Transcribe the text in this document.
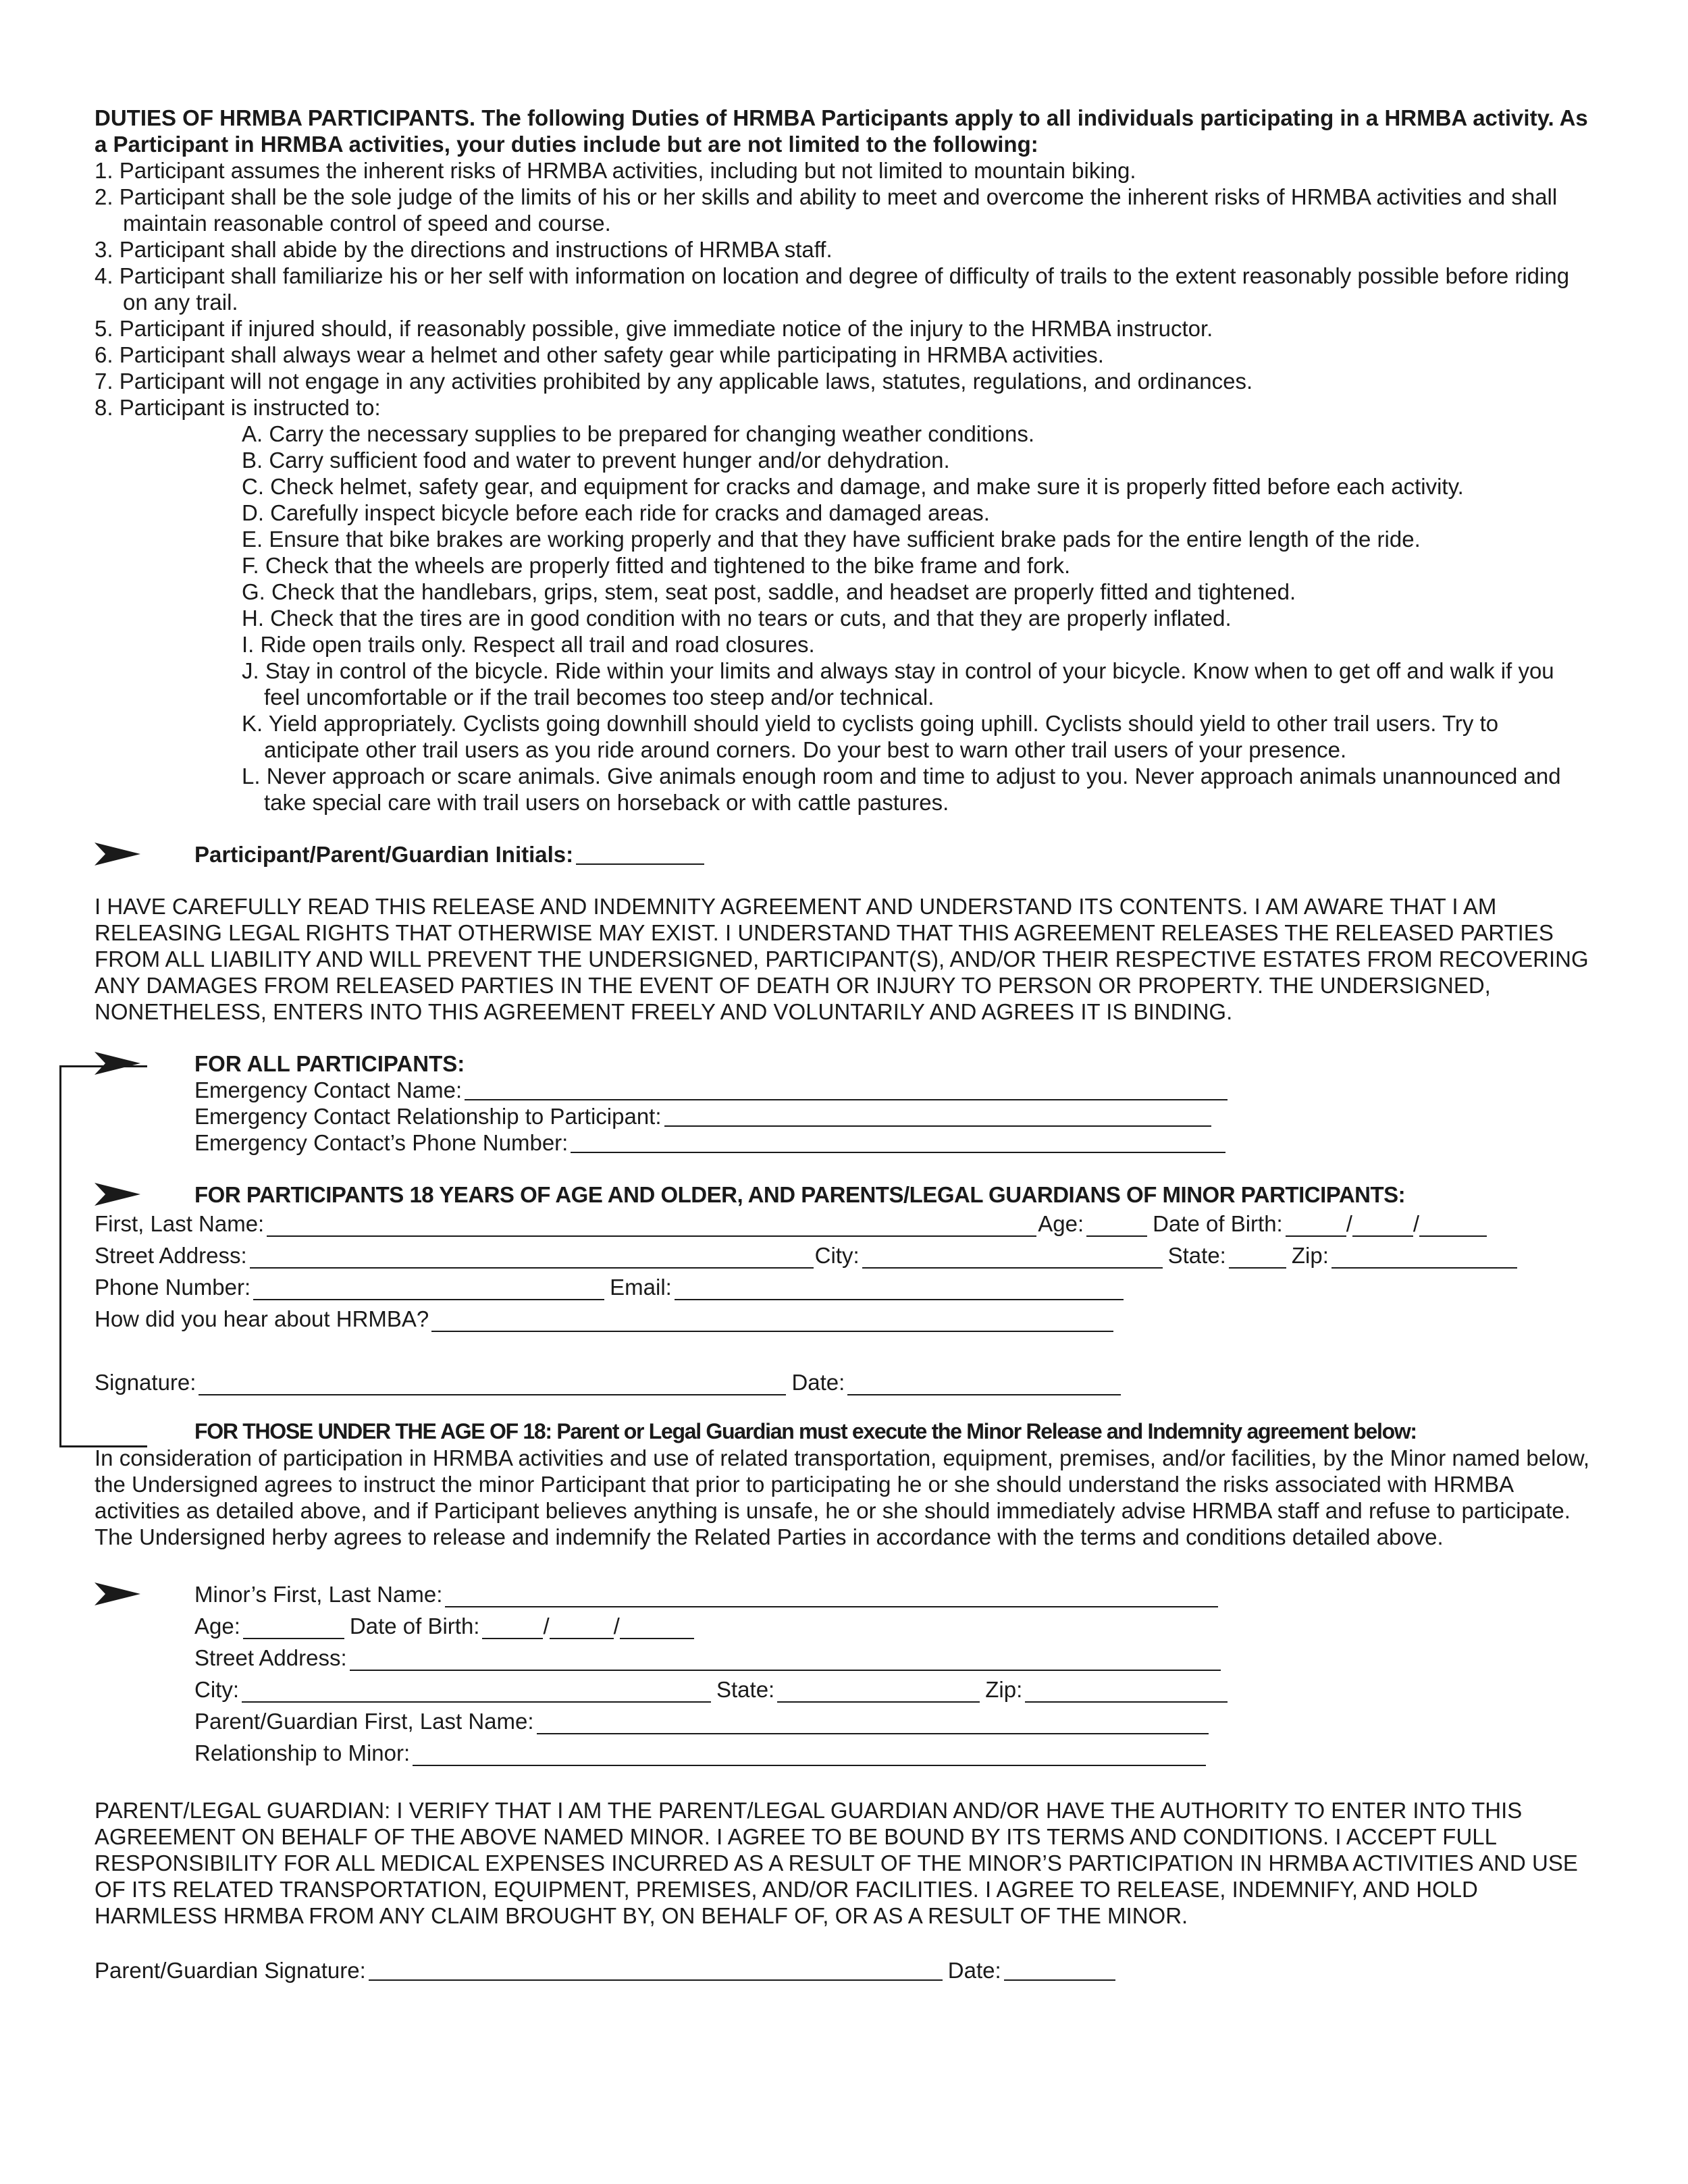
DUTIES OF HRMBA PARTICIPANTS. The following Duties of HRMBA Participants apply to all individuals participating in a HRMBA activity. As a Participant in HRMBA activities, your duties include but are not limited to the following:

1. Participant assumes the inherent risks of HRMBA activities, including but not limited to mountain biking.

2. Participant shall be the sole judge of the limits of his or her skills and ability to meet and overcome the inherent risks of HRMBA activities and shall maintain reasonable control of speed and course.

3. Participant shall abide by the directions and instructions of HRMBA staff.

4. Participant shall familiarize his or her self with information on location and degree of difficulty of trails to the extent reasonably possible before riding on any trail.

5. Participant if injured should, if reasonably possible, give immediate notice of the injury to the HRMBA instructor.

6. Participant shall always wear a helmet and other safety gear while participating in HRMBA activities.

7. Participant will not engage in any activities prohibited by any applicable laws, statutes, regulations, and ordinances.

8. Participant is instructed to:

A. Carry the necessary supplies to be prepared for changing weather conditions.

B. Carry sufficient food and water to prevent hunger and/or dehydration.

C. Check helmet, safety gear, and equipment for cracks and damage, and make sure it is properly fitted before each activity.

D. Carefully inspect bicycle before each ride for cracks and damaged areas.

E. Ensure that bike brakes are working properly and that they have sufficient brake pads for the entire length of the ride.

F. Check that the wheels are properly fitted and tightened to the bike frame and fork.

G. Check that the handlebars, grips, stem, seat post, saddle, and headset are properly fitted and tightened.

H. Check that the tires are in good condition with no tears or cuts, and that they are properly inflated.

I. Ride open trails only. Respect all trail and road closures.

J. Stay in control of the bicycle. Ride within your limits and always stay in control of your bicycle. Know when to get off and walk if you feel uncomfortable or if the trail becomes too steep and/or technical.

K. Yield appropriately. Cyclists going downhill should yield to cyclists going uphill. Cyclists should yield to other trail users. Try to anticipate other trail users as you ride around corners. Do your best to warn other trail users of your presence.

L. Never approach or scare animals. Give animals enough room and time to adjust to you. Never approach animals unannounced and take special care with trail users on horseback or with cattle pastures.

Participant/Parent/Guardian Initials:

I HAVE CAREFULLY READ THIS RELEASE AND INDEMNITY AGREEMENT AND UNDERSTAND ITS CONTENTS. I AM AWARE THAT I AM RELEASING LEGAL RIGHTS THAT OTHERWISE MAY EXIST. I UNDERSTAND THAT THIS AGREEMENT RELEASES THE RELEASED PARTIES FROM ALL LIABILITY AND WILL PREVENT THE UNDERSIGNED, PARTICIPANT(S), AND/OR THEIR RESPECTIVE ESTATES FROM RECOVERING ANY DAMAGES FROM RELEASED PARTIES IN THE EVENT OF DEATH OR INJURY TO PERSON OR PROPERTY. THE UNDERSIGNED, NONETHELESS, ENTERS INTO THIS AGREEMENT FREELY AND VOLUNTARILY AND AGREES IT IS BINDING.

FOR ALL PARTICIPANTS:

Emergency Contact Name:
Emergency Contact Relationship to Participant:
Emergency Contact’s Phone Number:

FOR PARTICIPANTS 18 YEARS OF AGE AND OLDER, AND PARENTS/LEGAL GUARDIANS OF MINOR PARTICIPANTS:

First, Last Name:	Age:	Date of Birth:	/	/
Street Address:	City:	State:	Zip:
Phone Number:	Email:
How did you hear about HRMBA?
Signature:	Date:

FOR THOSE UNDER THE AGE OF 18: Parent or Legal Guardian must execute the Minor Release and Indemnity agreement below:

In consideration of participation in HRMBA activities and use of related transportation, equipment, premises, and/or facilities, by the Minor named below, the Undersigned agrees to instruct the minor Participant that prior to participating he or she should understand the risks associated with HRMBA activities as detailed above, and if Participant believes anything is unsafe, he or she should immediately advise HRMBA staff and refuse to participate. The Undersigned herby agrees to release and indemnify the Related Parties in accordance with the terms and conditions detailed above.

Minor’s First, Last Name:
Age:	Date of Birth:	/	/
Street Address:
City:	State:	Zip:
Parent/Guardian First, Last Name:
Relationship to Minor:

PARENT/LEGAL GUARDIAN: I VERIFY THAT I AM THE PARENT/LEGAL GUARDIAN AND/OR HAVE THE AUTHORITY TO ENTER INTO THIS AGREEMENT ON BEHALF OF THE ABOVE NAMED MINOR. I AGREE TO BE BOUND BY ITS TERMS AND CONDITIONS. I ACCEPT FULL RESPONSIBILITY FOR ALL MEDICAL EXPENSES INCURRED AS A RESULT OF THE MINOR’S PARTICIPATION IN HRMBA ACTIVITIES AND USE OF ITS RELATED TRANSPORTATION, EQUIPMENT, PREMISES, AND/OR FACILITIES. I AGREE TO RELEASE, INDEMNIFY, AND HOLD HARMLESS HRMBA FROM ANY CLAIM BROUGHT BY, ON BEHALF OF, OR AS A RESULT OF THE MINOR.

Parent/Guardian Signature:	Date:
